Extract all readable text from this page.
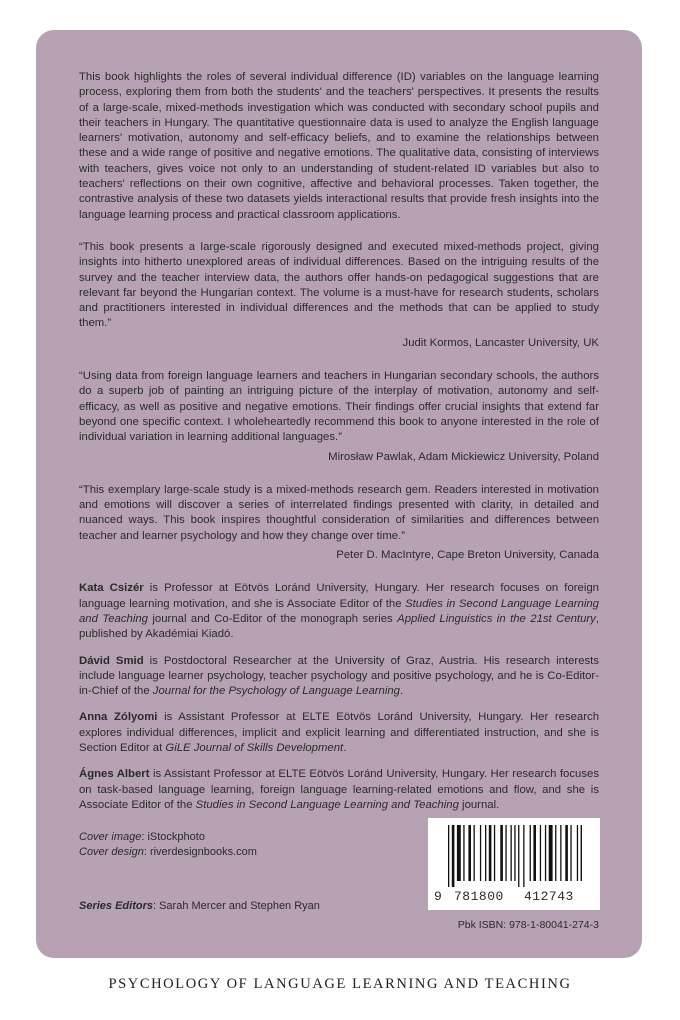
This book highlights the roles of several individual difference (ID) variables on the language learning process, exploring them from both the students' and the teachers' perspectives. It presents the results of a large-scale, mixed-methods investigation which was conducted with secondary school pupils and their teachers in Hungary. The quantitative questionnaire data is used to analyze the English language learners' motivation, autonomy and self-efficacy beliefs, and to examine the relationships between these and a wide range of positive and negative emotions. The qualitative data, consisting of interviews with teachers, gives voice not only to an understanding of student-related ID variables but also to teachers' reflections on their own cognitive, affective and behavioral processes. Taken together, the contrastive analysis of these two datasets yields interactional results that provide fresh insights into the language learning process and practical classroom applications.

“This book presents a large-scale rigorously designed and executed mixed-methods project, giving insights into hitherto unexplored areas of individual differences. Based on the intriguing results of the survey and the teacher interview data, the authors offer hands-on pedagogical suggestions that are relevant far beyond the Hungarian context. The volume is a must-have for research students, scholars and practitioners interested in individual differences and the methods that can be applied to study them.”

Judit Kormos, Lancaster University, UK

“Using data from foreign language learners and teachers in Hungarian secondary schools, the authors do a superb job of painting an intriguing picture of the interplay of motivation, autonomy and self-efficacy, as well as positive and negative emotions. Their findings offer crucial insights that extend far beyond one specific context. I wholeheartedly recommend this book to anyone interested in the role of individual variation in learning additional languages.”

Mirosław Pawlak, Adam Mickiewicz University, Poland

“This exemplary large-scale study is a mixed-methods research gem. Readers interested in motivation and emotions will discover a series of interrelated findings presented with clarity, in detailed and nuanced ways. This book inspires thoughtful consideration of similarities and differences between teacher and learner psychology and how they change over time.”

Peter D. MacIntyre, Cape Breton University, Canada

Kata Csizér is Professor at Eötvös Loránd University, Hungary. Her research focuses on foreign language learning motivation, and she is Associate Editor of the Studies in Second Language Learning and Teaching journal and Co-Editor of the monograph series Applied Linguistics in the 21st Century, published by Akadémiai Kiadó.

Dávid Smid is Postdoctoral Researcher at the University of Graz, Austria. His research interests include language learner psychology, teacher psychology and positive psychology, and he is Co-Editor-in-Chief of the Journal for the Psychology of Language Learning.

Anna Zólyomi is Assistant Professor at ELTE Eötvös Loránd University, Hungary. Her research explores individual differences, implicit and explicit learning and differentiated instruction, and she is Section Editor at GiLE Journal of Skills Development.

Ágnes Albert is Assistant Professor at ELTE Eötvös Loránd University, Hungary. Her research focuses on task-based language learning, foreign language learning-related emotions and flow, and she is Associate Editor of the Studies in Second Language Learning and Teaching journal.

Cover image: iStockphoto
Cover design: riverdesignbooks.com
Series Editors: Sarah Mercer and Stephen Ryan
9 781800 412743
Pbk ISBN: 978-1-80041-274-3
PSYCHOLOGY OF LANGUAGE LEARNING AND TEACHING
